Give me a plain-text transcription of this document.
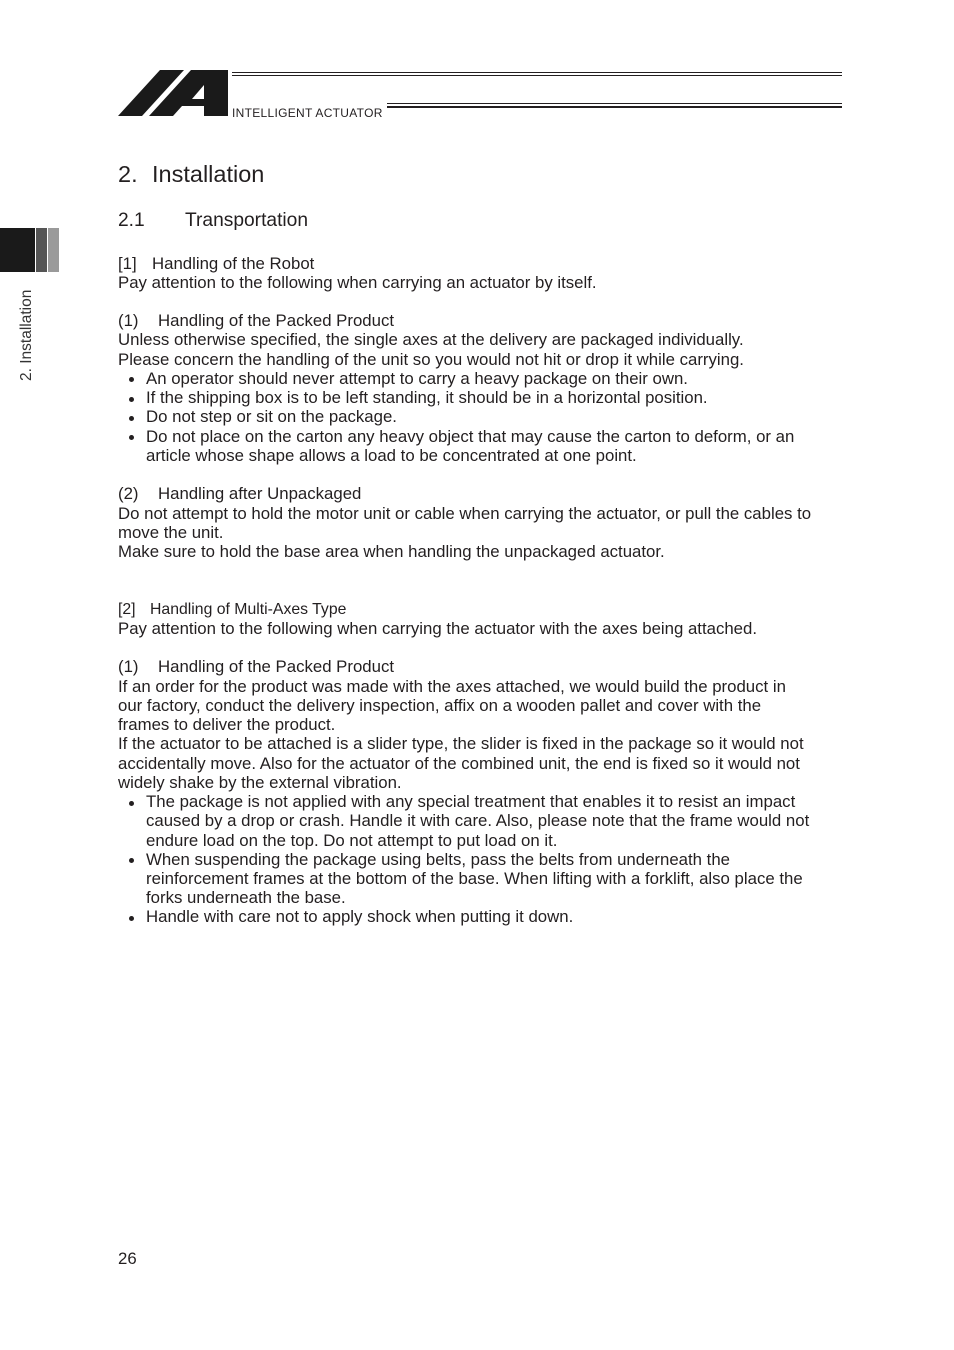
INTELLIGENT ACTUATOR
2. Installation
2. Installation
2.1 Transportation
[1] Handling of the Robot
Pay attention to the following when carrying an actuator by itself.
(1) Handling of the Packed Product
Unless otherwise specified, the single axes at the delivery are packaged individually.
Please concern the handling of the unit so you would not hit or drop it while carrying.
An operator should never attempt to carry a heavy package on their own.
If the shipping box is to be left standing, it should be in a horizontal position.
Do not step or sit on the package.
Do not place on the carton any heavy object that may cause the carton to deform, or an
article whose shape allows a load to be concentrated at one point.
(2) Handling after Unpackaged
Do not attempt to hold the motor unit or cable when carrying the actuator, or pull the cables to
move the unit.
Make sure to hold the base area when handling the unpackaged actuator.
[2] Handling of Multi-Axes Type
Pay attention to the following when carrying the actuator with the axes being attached.
(1) Handling of the Packed Product
If an order for the product was made with the axes attached, we would build the product in
our factory, conduct the delivery inspection, affix on a wooden pallet and cover with the
frames to deliver the product.
If the actuator to be attached is a slider type, the slider is fixed in the package so it would not
accidentally move. Also for the actuator of the combined unit, the end is fixed so it would not
widely shake by the external vibration.
The package is not applied with any special treatment that enables it to resist an impact
caused by a drop or crash. Handle it with care. Also, please note that the frame would not
endure load on the top. Do not attempt to put load on it.
When suspending the package using belts, pass the belts from underneath the
reinforcement frames at the bottom of the base. When lifting with a forklift, also place the
forks underneath the base.
Handle with care not to apply shock when putting it down.
26
